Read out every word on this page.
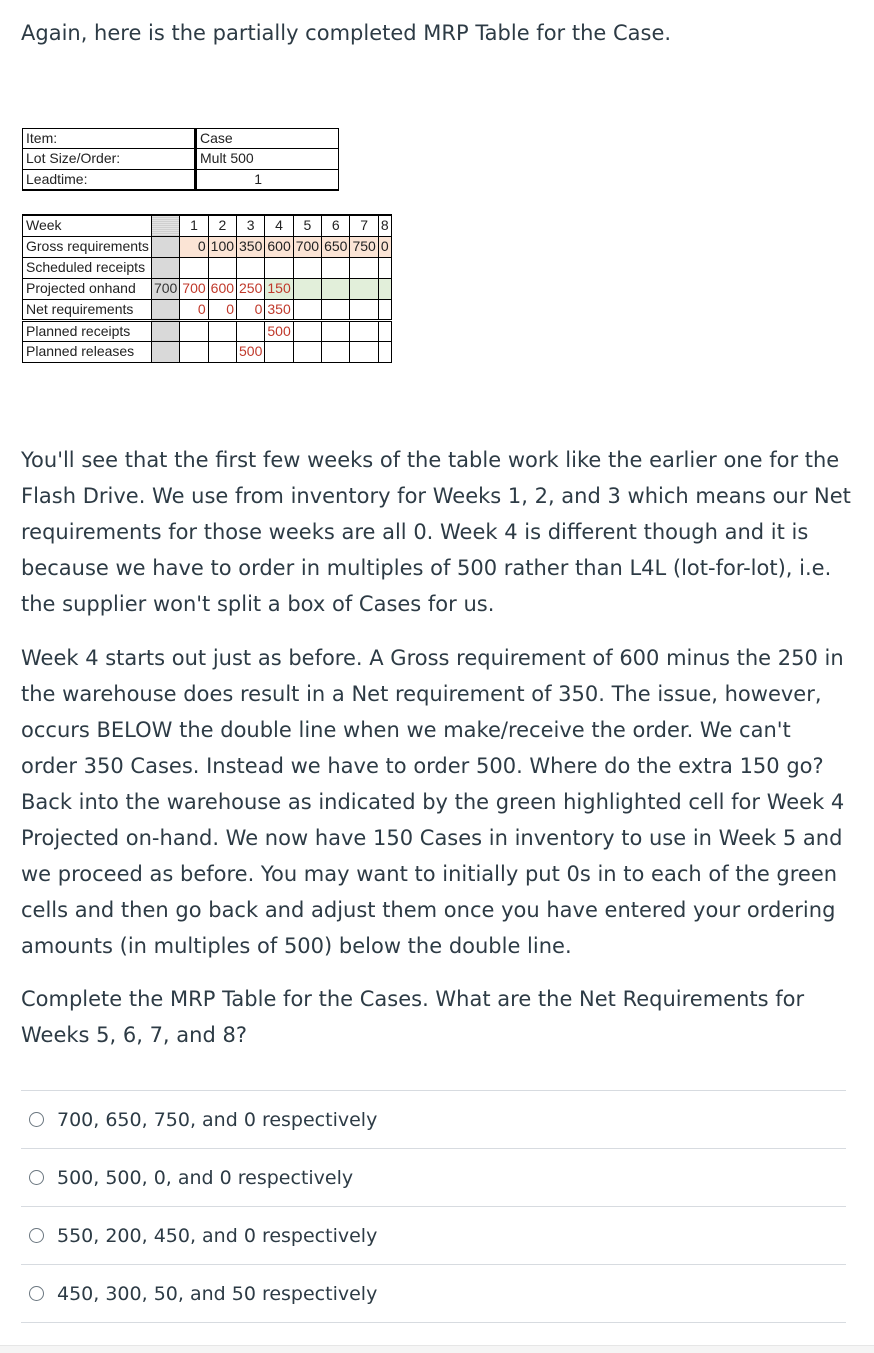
Again, here is the partially completed MRP Table for the Case.

Item:	Case
Lot Size/Order:	Mult 500
Leadtime:	1
Week		1	2	3	4	5	6	7	8
Gross requirements		0	100	350	600	700	650	750	0
Scheduled receipts									
Projected onhand	700	700	600	250	150				
Net requirements		0	0	0	350				
Planned receipts					500				
Planned releases				500					

You'll see that the first few weeks of the table work like the earlier one for the Flash Drive. We use from inventory for Weeks 1, 2, and 3 which means our Net requirements for those weeks are all 0. Week 4 is different though and it is because we have to order in multiples of 500 rather than L4L (lot-for-lot), i.e. the supplier won't split a box of Cases for us.

Week 4 starts out just as before. A Gross requirement of 600 minus the 250 in the warehouse does result in a Net requirement of 350. The issue, however, occurs BELOW the double line when we make/receive the order. We can't order 350 Cases. Instead we have to order 500. Where do the extra 150 go? Back into the warehouse as indicated by the green highlighted cell for Week 4 Projected on-hand. We now have 150 Cases in inventory to use in Week 5 and we proceed as before. You may want to initially put 0s in to each of the green cells and then go back and adjust them once you have entered your ordering amounts (in multiples of 500) below the double line.

Complete the MRP Table for the Cases. What are the Net Requirements for Weeks 5, 6, 7, and 8?

700, 650, 750, and 0 respectively
500, 500, 0, and 0 respectively
550, 200, 450, and 0 respectively
450, 300, 50, and 50 respectively
